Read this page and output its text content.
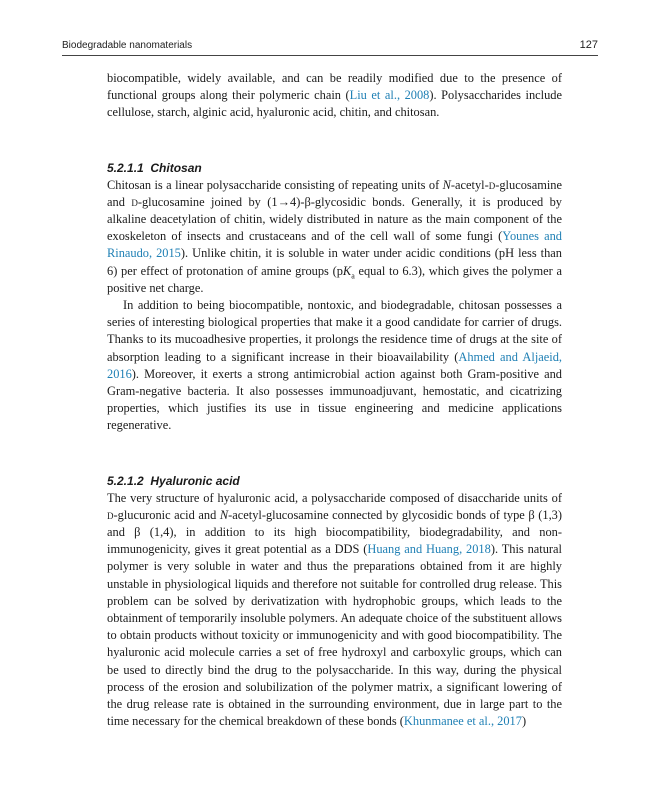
Biodegradable nanomaterials	127

biocompatible, widely available, and can be readily modified due to the presence of functional groups along their polymeric chain (Liu et al., 2008). Polysaccharides include cellulose, starch, alginic acid, hyaluronic acid, chitin, and chitosan.

5.2.1.1 Chitosan

Chitosan is a linear polysaccharide consisting of repeating units of N-acetyl-d-glucosamine and d-glucosamine joined by (1→4)-β-glycosidic bonds. Generally, it is produced by alkaline deacetylation of chitin, widely distributed in nature as the main component of the exoskeleton of insects and crustaceans and of the cell wall of some fungi (Younes and Rinaudo, 2015). Unlike chitin, it is soluble in water under acidic conditions (pH less than 6) per effect of protonation of amine groups ($pK_a$ equal to 6.3), which gives the polymer a positive net charge.

In addition to being biocompatible, nontoxic, and biodegradable, chitosan possesses a series of interesting biological properties that make it a good candidate for carrier of drugs. Thanks to its mucoadhesive properties, it prolongs the residence time of drugs at the site of absorption leading to a significant increase in their bioavailability (Ahmed and Aljaeid, 2016). Moreover, it exerts a strong antimicrobial action against both Gram-positive and Gram-negative bacteria. It also possesses immunoadjuvant, hemostatic, and cicatrizing properties, which justifies its use in tissue engineering and medicine applications regenerative.

5.2.1.2 Hyaluronic acid

The very structure of hyaluronic acid, a polysaccharide composed of disaccharide units of d-glucuronic acid and N-acetyl-glucosamine connected by glycosidic bonds of type β (1,3) and β (1,4), in addition to its high biocompatibility, biodegradability, and non-immunogenicity, gives it great potential as a DDS (Huang and Huang, 2018). This natural polymer is very soluble in water and thus the preparations obtained from it are highly unstable in physiological liquids and therefore not suitable for controlled drug release. This problem can be solved by derivatization with hydrophobic groups, which leads to the obtainment of temporarily insoluble polymers. An adequate choice of the substituent allows to obtain products without toxicity or immunogenicity and with good biocompatibility. The hyaluronic acid molecule carries a set of free hydroxyl and carboxylic groups, which can be used to directly bind the drug to the polysaccharide. In this way, during the physical process of the erosion and solubilization of the polymer matrix, a significant lowering of the drug release rate is obtained in the surrounding environment, due in large part to the time necessary for the chemical breakdown of these bonds (Khunmanee et al., 2017)
